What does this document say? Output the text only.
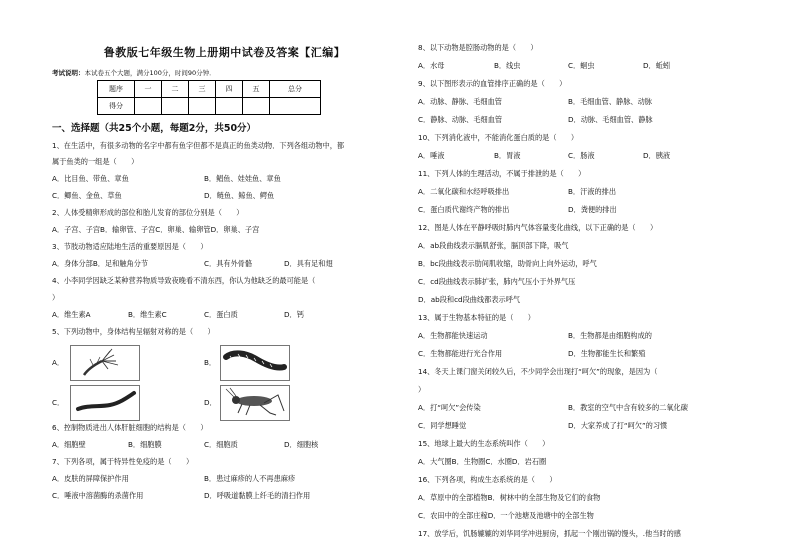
鲁教版七年级生物上册期中试卷及答案【汇编】
考试说明：本试卷五个大题，满分100分，时间90分钟．
题序	一	二	三	四	五	总分
得分						
一、选择题（共25个小题，每题2分，共50分）
1、在生活中，有很多动物的名字中都有鱼字但都不是真正的鱼类动物．下列各组动物中，都
属于鱼类的一组是（　　）
A．比目鱼、带鱼、章鱼	B．鲳鱼、娃娃鱼、章鱼
C．鲫鱼、金鱼、草鱼	D．鲢鱼、鲸鱼、鳄鱼
2、人体受精卵形成的部位和胎儿发育的部位分别是（　　）
A．子宫、子宫B．输卵管、子宫C．卵巢、输卵管D．卵巢、子宫
3、节肢动物适应陆地生活的重要原因是（　　）
A．身体分部B．足和触角分节	C．具有外骨骼	D．具有足和翅
4、小李同学因缺乏某种营养物质导致夜晚看不清东西，你认为他缺乏的最可能是（
）
A．维生素A	B．维生素C	C．蛋白质	D．钙
5、下列动物中，身体结构呈辐射对称的是（　　）
A．	B．
C．	D．
6、控制物质进出人体肝脏细胞的结构是（　　）
A．细胞壁	B．细胞膜	C．细胞质	D．细胞核
7、下列各项，属于特异性免疫的是（　　）
A．皮肤的屏障保护作用	B．患过麻疹的人不再患麻疹
C．唾液中溶菌酶的杀菌作用	D．呼吸道黏膜上纤毛的清扫作用
8、以下动物是腔肠动物的是（　　）
A．水母	B．线虫	C．蛔虫	D．蚯蚓
9、以下图形表示的血管排序正确的是（　　）
A．动脉、静脉、毛细血管	B．毛细血管、静脉、动脉
C．静脉、动脉、毛细血管	D．动脉、毛细血管、静脉
10、下列消化液中，不能消化蛋白质的是（　　）
A．唾液	B．胃液	C．肠液	D．胰液
11、下列人体的生理活动，不属于排泄的是（　　）
A．二氧化碳和水经呼吸排出	B．汗液的排出
C．蛋白质代谢终产物的排出	D．粪便的排出
12、图是人体在平静呼吸时肺内气体容量变化曲线，以下正确的是（　　）
A．ab段曲线表示膈肌舒张，膈顶部下降，吸气
B．bc段曲线表示肋间肌收缩，助骨向上向外运动，呼气
C．cd段曲线表示肺扩张，肺内气压小于外界气压
D．ab段和cd段曲线都表示呼气
13、属于生物基本特征的是（　　）
A．生物都能快速运动	B．生物都是由细胞构成的
C．生物都能进行光合作用	D．生物都能生长和繁殖
14、冬天上课门窗关闭较久后，不少同学会出现打“呵欠”的现象，是因为（
）
A．打“呵欠”会传染	B．教室的空气中含有较多的二氧化碳
C．同学想睡觉	D．大家养成了打“呵欠”的习惯
15、地球上最大的生态系统叫作（　　）
A．大气圈B．生物圈C．水圈D．岩石圈
16、下列各项，构成生态系统的是（　　）
A．草原中的全部植物B．树林中的全部生物及它们的食物
C．农田中的全部庄稼D．一个池塘及池塘中的全部生物
17、放学后，饥肠辘辘的刘华同学冲进厨房，抓起一个刚出锅的馒头，.他当时的感
